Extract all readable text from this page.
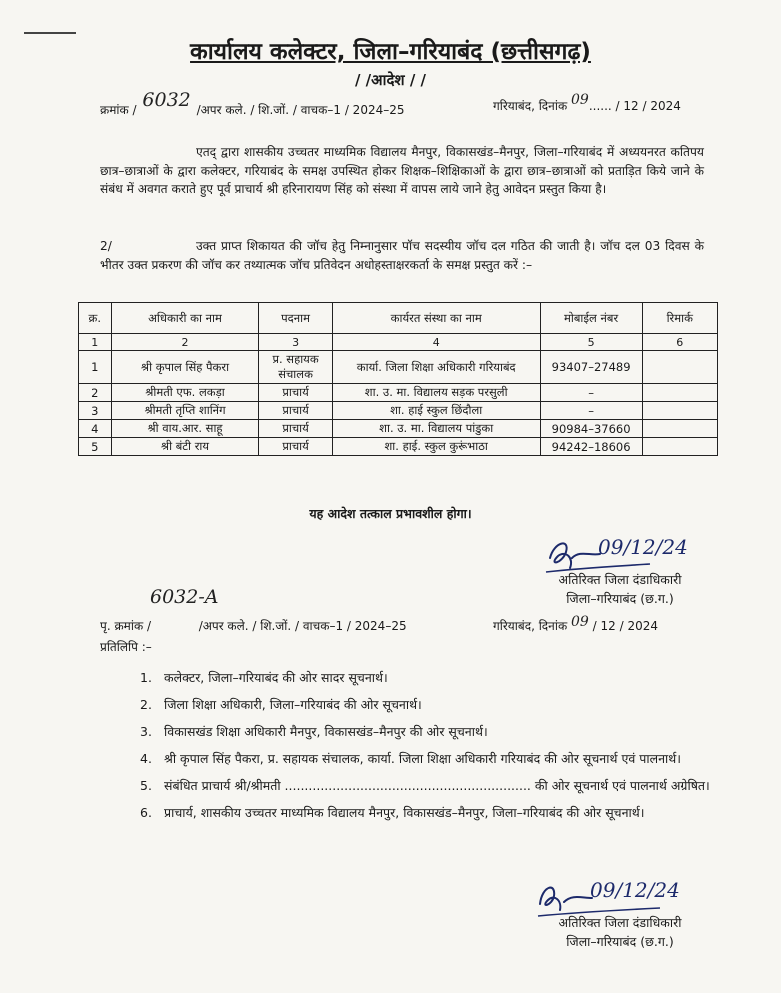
कार्यालय कलेक्टर, जिला–गरियाबंद (छत्तीसगढ़)
/ /आदेश / /
क्रमांक / 6032 /अपर कले. / शि.जों. / वाचक–1 / 2024–25	गरियाबंद, दिनांक 09...... / 12 / 2024
एतद् द्वारा शासकीय उच्चतर माध्यमिक विद्यालय मैनपुर, विकासखंड–मैनपुर, जिला–गरियाबंद में अध्ययनरत कतिपय छात्र–छात्राओं के द्वारा कलेक्टर, गरियाबंद के समक्ष उपस्थित होकर शिक्षक–शिक्षिकाओं के द्वारा छात्र–छात्राओं को प्रताड़ित किये जाने के संबंध में अवगत कराते हुए पूर्व प्राचार्य श्री हरिनारायण सिंह को संस्था में वापस लाये जाने हेतु आवेदन प्रस्तुत किया है।
2/	उक्त प्राप्त शिकायत की जॉच हेतु निम्नानुसार पॉच सदस्यीय जॉच दल गठित की जाती है। जॉच दल 03 दिवस के भीतर उक्त प्रकरण की जॉच कर तथ्यात्मक जॉच प्रतिवेदन अधोहस्ताक्षरकर्ता के समक्ष प्रस्तुत करें :–
क्र.	अधिकारी का नाम	पदनाम	कार्यरत संस्था का नाम	मोबाईल नंबर	रिमार्क
1	2	3	4	5	6
1	श्री कृपाल सिंह पैकरा	प्र. सहायक संचालक	कार्या. जिला शिक्षा अधिकारी गरियाबंद	93407–27489	
2	श्रीमती एफ. लकड़ा	प्राचार्य	शा. उ. मा. विद्यालय सड़क परसुली	–	
3	श्रीमती तृप्ति शानिंग	प्राचार्य	शा. हाई स्कुल छिंदौला	–	
4	श्री वाय.आर. साहू	प्राचार्य	शा. उ. मा. विद्यालय पांडुका	90984–37660	
5	श्री बंटी राय	प्राचार्य	शा. हाई. स्कुल कुरूंभाठा	94242–18606	
यह आदेश तत्काल प्रभावशील होगा।
09/12/24
अतिरिक्त जिला दंडाधिकारी
जिला–गरियाबंद (छ.ग.)
6032-A
पृ. क्रमांक /	/अपर कले. / शि.जों. / वाचक–1 / 2024–25	गरियाबंद, दिनांक 09 / 12 / 2024
प्रतिलिपि :–
1. कलेक्टर, जिला–गरियाबंद की ओर सादर सूचनार्थ।
2. जिला शिक्षा अधिकारी, जिला–गरियाबंद की ओर सूचनार्थ।
3. विकासखंड शिक्षा अधिकारी मैनपुर, विकासखंड–मैनपुर की ओर सूचनार्थ।
4. श्री कृपाल सिंह पैकरा, प्र. सहायक संचालक, कार्या. जिला शिक्षा अधिकारी गरियाबंद की ओर सूचनार्थ एवं पालनार्थ।
5. संबंधित प्राचार्य श्री/श्रीमती .............................................................. की ओर सूचनार्थ एवं पालनार्थ अग्रेषित।
6. प्राचार्य, शासकीय उच्चतर माध्यमिक विद्यालय मैनपुर, विकासखंड–मैनपुर, जिला–गरियाबंद की ओर सूचनार्थ।
09/12/24
अतिरिक्त जिला दंडाधिकारी
जिला–गरियाबंद (छ.ग.)
